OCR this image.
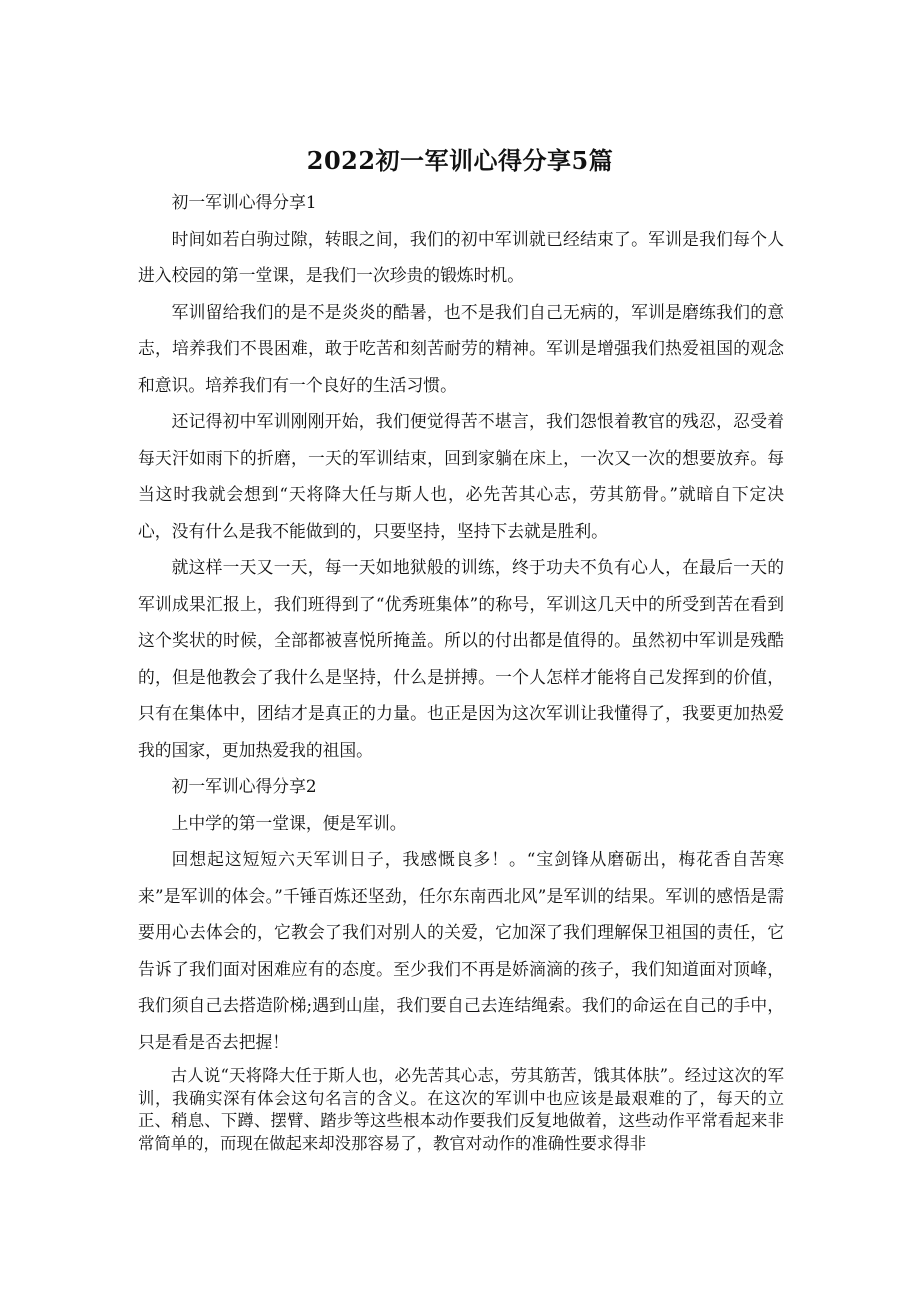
2022初一军训心得分享5篇

初一军训心得分享1

时间如若白驹过隙，转眼之间，我们的初中军训就已经结束了。军训是我们每个人进入校园的第一堂课，是我们一次珍贵的锻炼时机。

军训留给我们的是不是炎炎的酷暑，也不是我们自己无病的，军训是磨练我们的意志，培养我们不畏困难，敢于吃苦和刻苦耐劳的精神。军训是增强我们热爱祖国的观念和意识。培养我们有一个良好的生活习惯。

还记得初中军训刚刚开始，我们便觉得苦不堪言，我们怨恨着教官的残忍，忍受着每天汗如雨下的折磨，一天的军训结束，回到家躺在床上，一次又一次的想要放弃。每当这时我就会想到“天将降大任与斯人也，必先苦其心志，劳其筋骨。”就暗自下定决心，没有什么是我不能做到的，只要坚持，坚持下去就是胜利。

就这样一天又一天，每一天如地狱般的训练，终于功夫不负有心人，在最后一天的军训成果汇报上，我们班得到了“优秀班集体”的称号，军训这几天中的所受到苦在看到这个奖状的时候，全部都被喜悦所掩盖。所以的付出都是值得的。虽然初中军训是残酷的，但是他教会了我什么是坚持，什么是拼搏。一个人怎样才能将自己发挥到的价值，只有在集体中，团结才是真正的力量。也正是因为这次军训让我懂得了，我要更加热爱我的国家，更加热爱我的祖国。

初一军训心得分享2

上中学的第一堂课，便是军训。

回想起这短短六天军训日子，我感慨良多！。“宝剑锋从磨砺出，梅花香自苦寒来”是军训的体会。”千锤百炼还坚劲，任尔东南西北风”是军训的结果。军训的感悟是需要用心去体会的，它教会了我们对别人的关爱，它加深了我们理解保卫祖国的责任，它告诉了我们面对困难应有的态度。至少我们不再是娇滴滴的孩子，我们知道面对顶峰，我们须自己去搭造阶梯;遇到山崖，我们要自己去连结绳索。我们的命运在自己的手中，只是看是否去把握！

古人说“天将降大任于斯人也，必先苦其心志，劳其筋苦，饿其体肤”。经过这次的军训，我确实深有体会这句名言的含义。在这次的军训中也应该是最艰难的了，每天的立正、稍息、下蹲、摆臂、踏步等这些根本动作要我们反复地做着，这些动作平常看起来非常简单的，而现在做起来却没那容易了，教官对动作的准确性要求得非
